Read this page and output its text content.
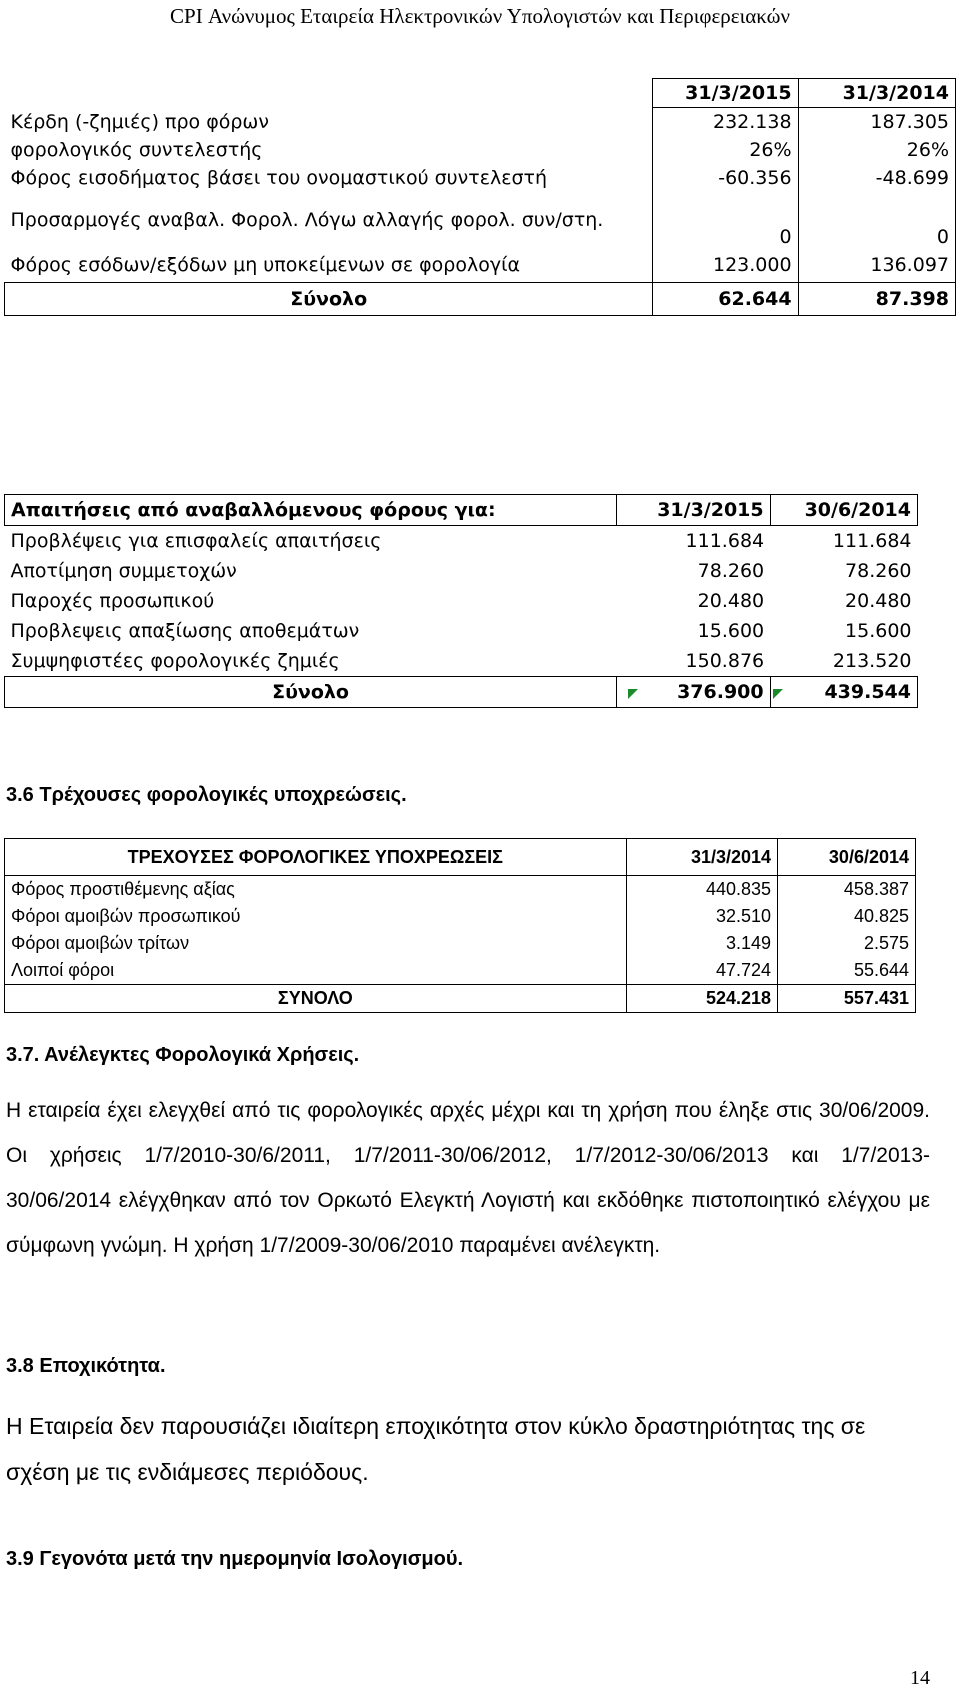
CPI Ανώνυμος Εταιρεία Ηλεκτρονικών Υπολογιστών και Περιφερειακών
	31/3/2015	31/3/2014
Κέρδη (-ζημιές) προ φόρων	232.138	187.305
φορολογικός συντελεστής	26%	26%
Φόρος εισοδήματος βάσει του ονομαστικού συντελεστή	-60.356	-48.699
Προσαρμογές αναβαλ. Φορολ. Λόγω αλλαγής φορολ. συν/στη.	0	0
Φόρος εσόδων/εξόδων μη υποκείμενων σε φορολογία	123.000	136.097
Σύνολο	62.644	87.398
Απαιτήσεις από αναβαλλόμενους φόρους για:	31/3/2015	30/6/2014
Προβλέψεις για επισφαλείς απαιτήσεις	111.684	111.684
Αποτίμηση συμμετοχών	78.260	78.260
Παροχές προσωπικού	20.480	20.480
Προβλεψεις απαξίωσης αποθεμάτων	15.600	15.600
Συμψηφιστέες φορολογικές ζημιές	150.876	213.520
Σύνολο	376.900	439.544
3.6 Τρέχουσες φορολογικές υποχρεώσεις.
ΤΡΕΧΟΥΣΕΣ ΦΟΡΟΛΟΓΙΚΕΣ ΥΠΟΧΡΕΩΣΕΙΣ	31/3/2014	30/6/2014
Φόρος προστιθέμενης αξίας	440.835	458.387
Φόροι αμοιβών προσωπικού	32.510	40.825
Φόροι αμοιβών τρίτων	3.149	2.575
Λοιποί φόροι	47.724	55.644
ΣΥΝΟΛΟ	524.218	557.431
3.7. Ανέλεγκτες Φορολογικά Χρήσεις.
Η εταιρεία έχει ελεγχθεί από τις φορολογικές αρχές μέχρι και τη χρήση που έληξε στις 30/06/2009. Οι χρήσεις 1/7/2010-30/6/2011, 1/7/2011-30/06/2012, 1/7/2012-30/06/2013 και 1/7/2013-30/06/2014 ελέγχθηκαν από τον Ορκωτό Ελεγκτή Λογιστή και εκδόθηκε πιστοποιητικό ελέγχου με σύμφωνη γνώμη. Η χρήση 1/7/2009-30/06/2010 παραμένει ανέλεγκτη.
3.8 Εποχικότητα.
Η Εταιρεία δεν παρουσιάζει ιδιαίτερη εποχικότητα στον κύκλο δραστηριότητας της σε σχέση με τις ενδιάμεσες περιόδους.
3.9 Γεγονότα μετά την ημερομηνία Ισολογισμού.
14
